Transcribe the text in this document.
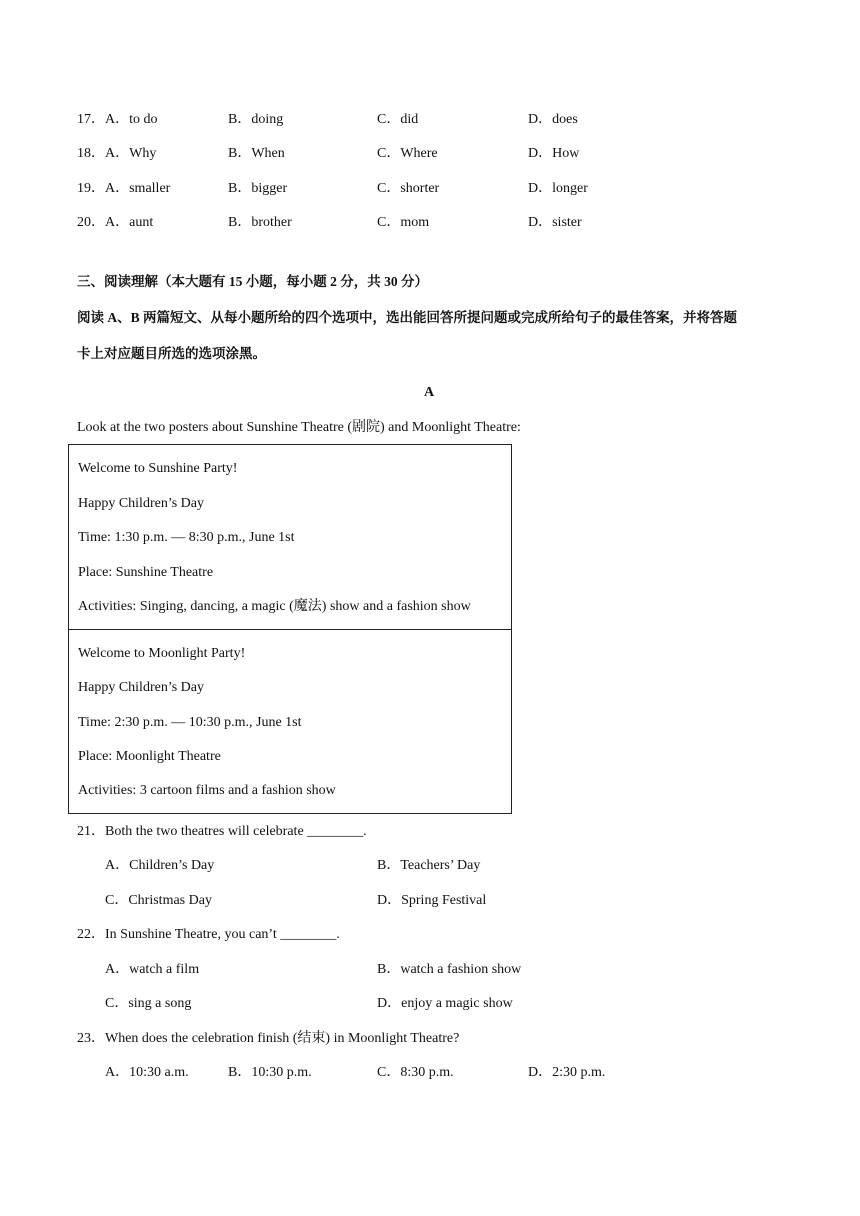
17． A．to do	B．doing	C．did	D．does
18． A．Why	B．When	C．Where	D．How
19． A．smaller	B．bigger	C．shorter	D．longer
20． A．aunt	B．brother	C．mom	D．sister
三、阅读理解（本大题有 15 小题，每小题 2 分，共 30 分）
阅读 A、B 两篇短文、从每小题所给的四个选项中，选出能回答所提问题或完成所给句子的最佳答案，并将答题
卡上对应题目所选的选项涂黑。
A
Look at the two posters about Sunshine Theatre (剧院) and Moonlight Theatre:
Welcome to Sunshine Party!
Happy Children’s Day
Time: 1:30 p.m. — 8:30 p.m., June 1st
Place: Sunshine Theatre
Activities: Singing, dancing, a magic (魔法) show and a fashion show
Welcome to Moonlight Party!
Happy Children’s Day
Time: 2:30 p.m. — 10:30 p.m., June 1st
Place: Moonlight Theatre
Activities: 3 cartoon films and a fashion show
21．Both the two theatres will celebrate ________.
A．Children’s Day	B．Teachers’ Day
C．Christmas Day	D．Spring Festival
22．In Sunshine Theatre, you can’t ________.
A．watch a film	B．watch a fashion show
C．sing a song	D．enjoy a magic show
23．When does the celebration finish (结束) in Moonlight Theatre?
A．10:30 a.m.	B．10:30 p.m.	C．8:30 p.m.	D．2:30 p.m.
